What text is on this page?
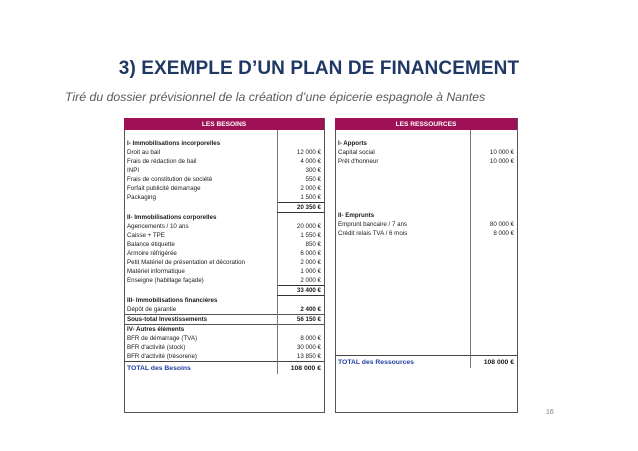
3) EXEMPLE D’UN PLAN DE FINANCEMENT
Tiré du dossier prévisionnel de la création d’une épicerie espagnole à Nantes
LES BESOINS	

I- Immobilisations incorporelles	
Droit au bail	12 000 €
Frais de rédaction de bail	4 000 €
INPI	300 €
Frais de constitution de société	550 €
Forfait publicité démarrage	2 000 €
Packaging	1 500 €
	20 350 €
II- Immobilisations corporelles	
Agencements / 10 ans	20 000 €
Caisse + TPE	1 550 €
Balance étiquette	850 €
Armoire réfrigérée	6 000 €
Petit Matériel de présentation et décoration	2 000 €
Matériel informatique	1 000 €
Enseigne (habillage façade)	2 000 €
	33 400 €
III- Immobilisations financières	
Dépôt de garantie	2 400 €
Sous-total Investissements	56 150 €
IV- Autres éléments	
BFR de démarrage (TVA)	8 000 €
BFR d'activité (stock)	30 000 €
BFR d'activité (trésorerie)	13 850 €
TOTAL des Besoins	108 000 €
LES RESSOURCES	

I- Apports	
Capital social	10 000 €
Prêt d'honneur	10 000 €

II- Emprunts	
Emprunt bancaire / 7 ans	80 000 €
Crédit relais TVA / 6 mois	8 000 €

TOTAL des Ressources	108 000 €
16
